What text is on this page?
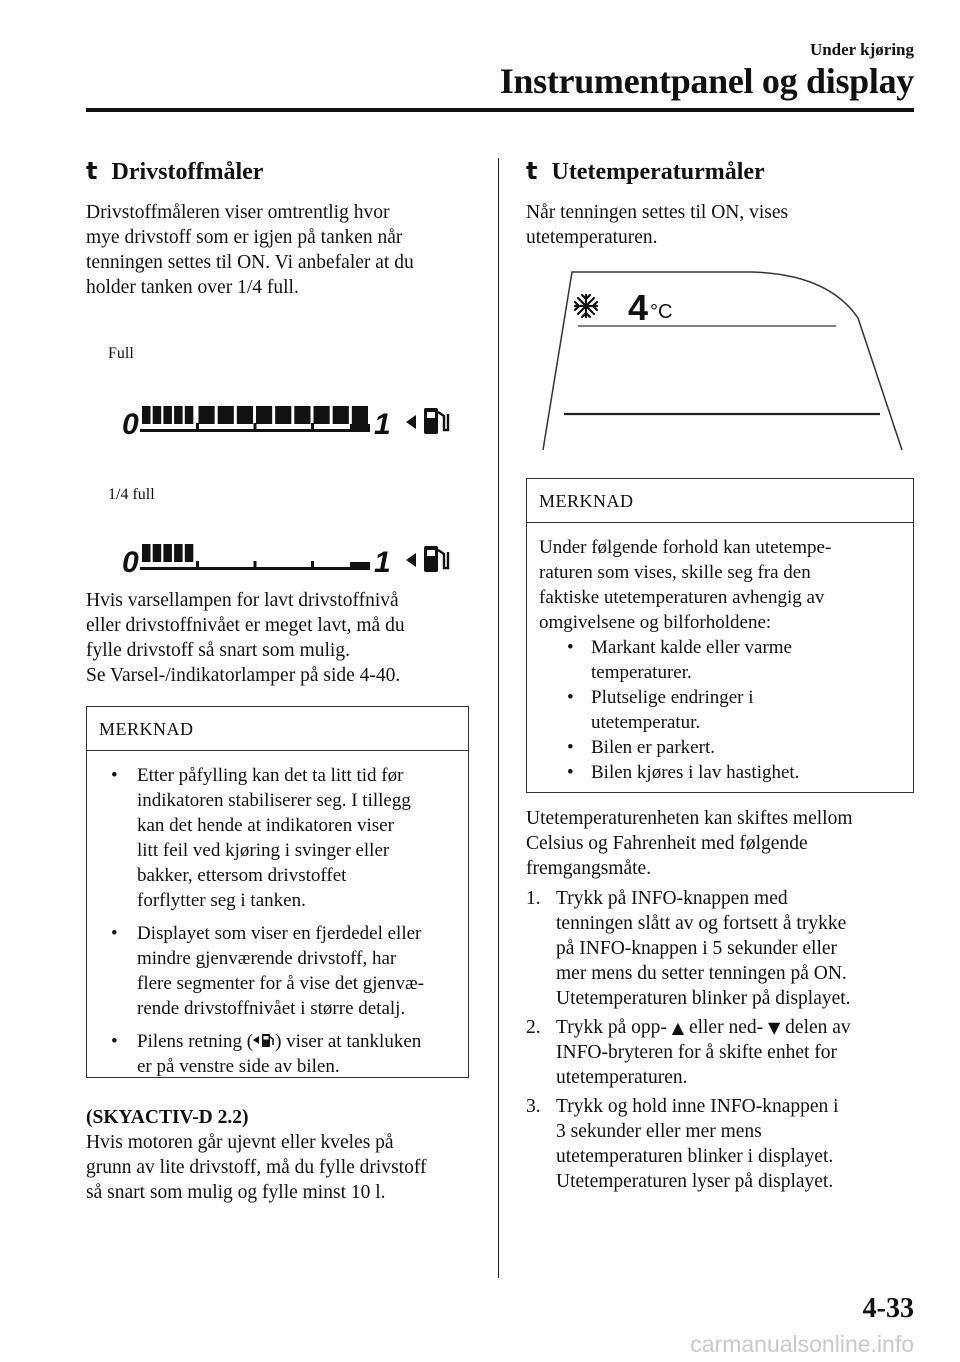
Under kjøring
Instrumentpanel og display
t Drivstoffmåler

Drivstoffmåleren viser omtrentlig hvor
mye drivstoff som er igjen på tanken når
tenningen settes til ON. Vi anbefaler at du
holder tanken over 1/4 full.

Full
0	1
1/4 full
0	1

Hvis varsellampen for lavt drivstoffnivå
eller drivstoffnivået er meget lavt, må du
fylle drivstoff så snart som mulig.
Se Varsel-/indikatorlamper på side 4-40.

MERKNAD
• Etter påfylling kan det ta litt tid før
indikatoren stabiliserer seg. I tillegg
kan det hende at indikatoren viser
litt feil ved kjøring i svinger eller
bakker, ettersom drivstoffet
forflytter seg i tanken.
• Displayet som viser en fjerdedel eller
mindre gjenværende drivstoff, har
flere segmenter for å vise det gjenvæ-
rende drivstoffnivået i større detalj.
• Pilens retning ( ) viser at tankluken
er på venstre side av bilen.
(SKYACTIV-D 2.2)

Hvis motoren går ujevnt eller kveles på
grunn av lite drivstoff, må du fylle drivstoff
så snart som mulig og fylle minst 10 l.

t Utetemperaturmåler

Når tenningen settes til ON, vises
utetemperaturen.

4 °C
MERKNAD

Under følgende forhold kan utetempe-
raturen som vises, skille seg fra den
faktiske utetemperaturen avhengig av
omgivelsene og bilforholdene:

• Markant kalde eller varme
temperaturer.
• Plutselige endringer i
utetemperatur.
• Bilen er parkert.
• Bilen kjøres i lav hastighet.

Utetemperaturenheten kan skiftes mellom
Celsius og Fahrenheit med følgende
fremgangsmåte.

1. Trykk på INFO-knappen med
tenningen slått av og fortsett å trykke
på INFO-knappen i 5 sekunder eller
mer mens du setter tenningen på ON.
Utetemperaturen blinker på displayet.
2. Trykk på opp- ▲ eller ned- ▼ delen av
INFO-bryteren for å skifte enhet for
utetemperaturen.
3. Trykk og hold inne INFO-knappen i
3 sekunder eller mer mens
utetemperaturen blinker i displayet.
Utetemperaturen lyser på displayet.
4-33
carmanualsonline.info
